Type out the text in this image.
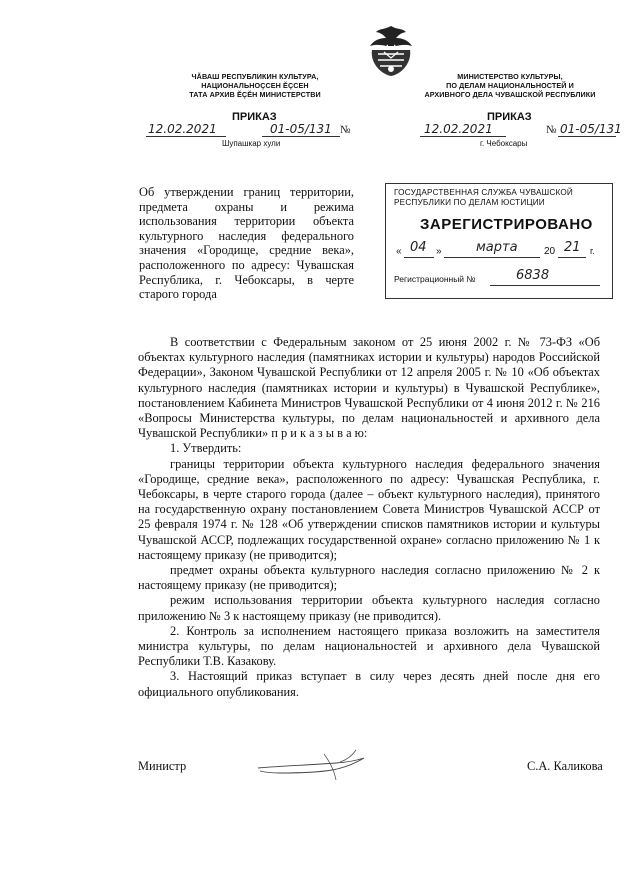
ЧĂВАШ РЕСПУБЛИКИН КУЛЬТУРА,
НАЦИОНАЛЬНОÇСЕН ĔÇСЕН
ТАТА АРХИВ ĔÇĔН МИНИСТЕРСТВИ
ПРИКАЗ
12.02.2021	01-05/131 №
Шупашкар хули
МИНИСТЕРСТВО КУЛЬТУРЫ,
ПО ДЕЛАМ НАЦИОНАЛЬНОСТЕЙ И
АРХИВНОГО ДЕЛА ЧУВАШСКОЙ РЕСПУБЛИКИ
ПРИКАЗ
12.02.2021	№ 01-05/131
г. Чебоксары
Об утверждении границ территории, предмета охраны и режима использования территории объекта культурного наследия федерального значения «Городище, средние века», расположенного по адресу: Чувашская Республика, г. Чебоксары, в черте старого города
ГОСУДАРСТВЕННАЯ СЛУЖБА ЧУВАШСКОЙ
РЕСПУБЛИКИ ПО ДЕЛАМ ЮСТИЦИИ
ЗАРЕГИСТРИРОВАНО
« 04 »	марта	20 21 г.
Регистрационный №	6838

В соответствии с Федеральным законом от 25 июня 2002 г. № 73-ФЗ «Об объектах культурного наследия (памятниках истории и культуры) народов Российской Федерации», Законом Чувашской Республики от 12 апреля 2005 г. № 10 «Об объектах культурного наследия (памятниках истории и культуры) в Чувашской Республике», постановлением Кабинета Министров Чувашской Республики от 4 июня 2012 г. № 216 «Вопросы Министерства культуры, по делам национальностей и архивного дела Чувашской Республики» п р и к а з ы в а ю:

1. Утвердить:

границы территории объекта культурного наследия федерального значения «Городище, средние века», расположенного по адресу: Чувашская Республика, г. Чебоксары, в черте старого города (далее – объект культурного наследия), принятого на государственную охрану постановлением Совета Министров Чувашской АССР от 25 февраля 1974 г. № 128 «Об утверждении списков памятников истории и культуры Чувашской АССР, подлежащих государственной охране» согласно приложению № 1 к настоящему приказу (не приводится);

предмет охраны объекта культурного наследия согласно приложению № 2 к настоящему приказу (не приводится);

режим использования территории объекта культурного наследия согласно приложению № 3 к настоящему приказу (не приводится).

2. Контроль за исполнением настоящего приказа возложить на заместителя министра культуры, по делам национальностей и архивного дела Чувашской Республики Т.В. Казакову.

3. Настоящий приказ вступает в силу через десять дней после дня его официального опубликования.

Министр	С.А. Каликова
